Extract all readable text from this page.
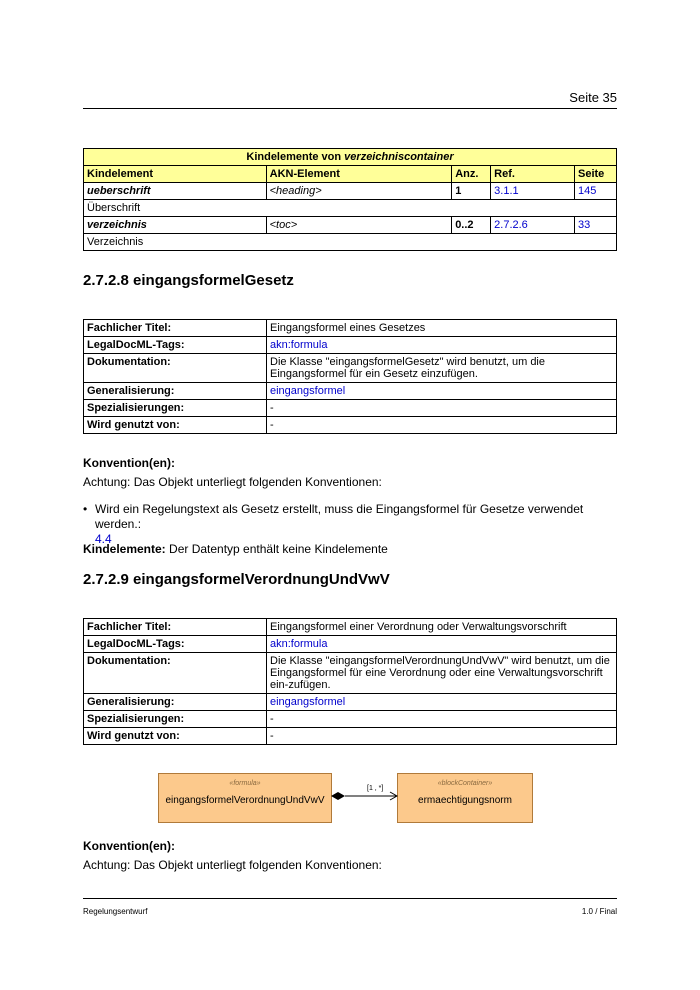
Seite 35
Kindelemente von verzeichniscontainer				
Kindelement	AKN-Element	Anz.	Ref.	Seite
ueberschrift	<heading>	1	3.1.1	145
Überschrift				
verzeichnis	<toc>	0..2	2.7.2.6	33
Verzeichnis				
2.7.2.8 eingangsformelGesetz
Fachlicher Titel:	Eingangsformel eines Gesetzes
LegalDocML-Tags:	akn:formula
Dokumentation:	Die Klasse "eingangsformelGesetz" wird benutzt, um die Eingangsformel für ein Gesetz einzufügen.
Generalisierung:	eingangsformel
Spezialisierungen:	-
Wird genutzt von:	-
Konvention(en):
Achtung: Das Objekt unterliegt folgenden Konventionen:
• Wird ein Regelungstext als Gesetz erstellt, muss die Eingangsformel für Gesetze verwendet werden.:
4.4
Kindelemente: Der Datentyp enthält keine Kindelemente
2.7.2.9 eingangsformelVerordnungUndVwV
Fachlicher Titel:	Eingangsformel einer Verordnung oder Verwaltungsvorschrift
LegalDocML-Tags:	akn:formula
Dokumentation:	Die Klasse "eingangsformelVerordnungUndVwV" wird benutzt, um die Eingangsformel für eine Verordnung oder eine Verwaltungsvorschrift ein-zufügen.
Generalisierung:	eingangsformel
Spezialisierungen:	-
Wird genutzt von:	-
«formula»
eingangsformelVerordnungUndVwV
«blockContainer»
ermaechtigungsnorm
[1 , *]
Konvention(en):
Achtung: Das Objekt unterliegt folgenden Konventionen:
Regelungsentwurf	1.0 / Final
